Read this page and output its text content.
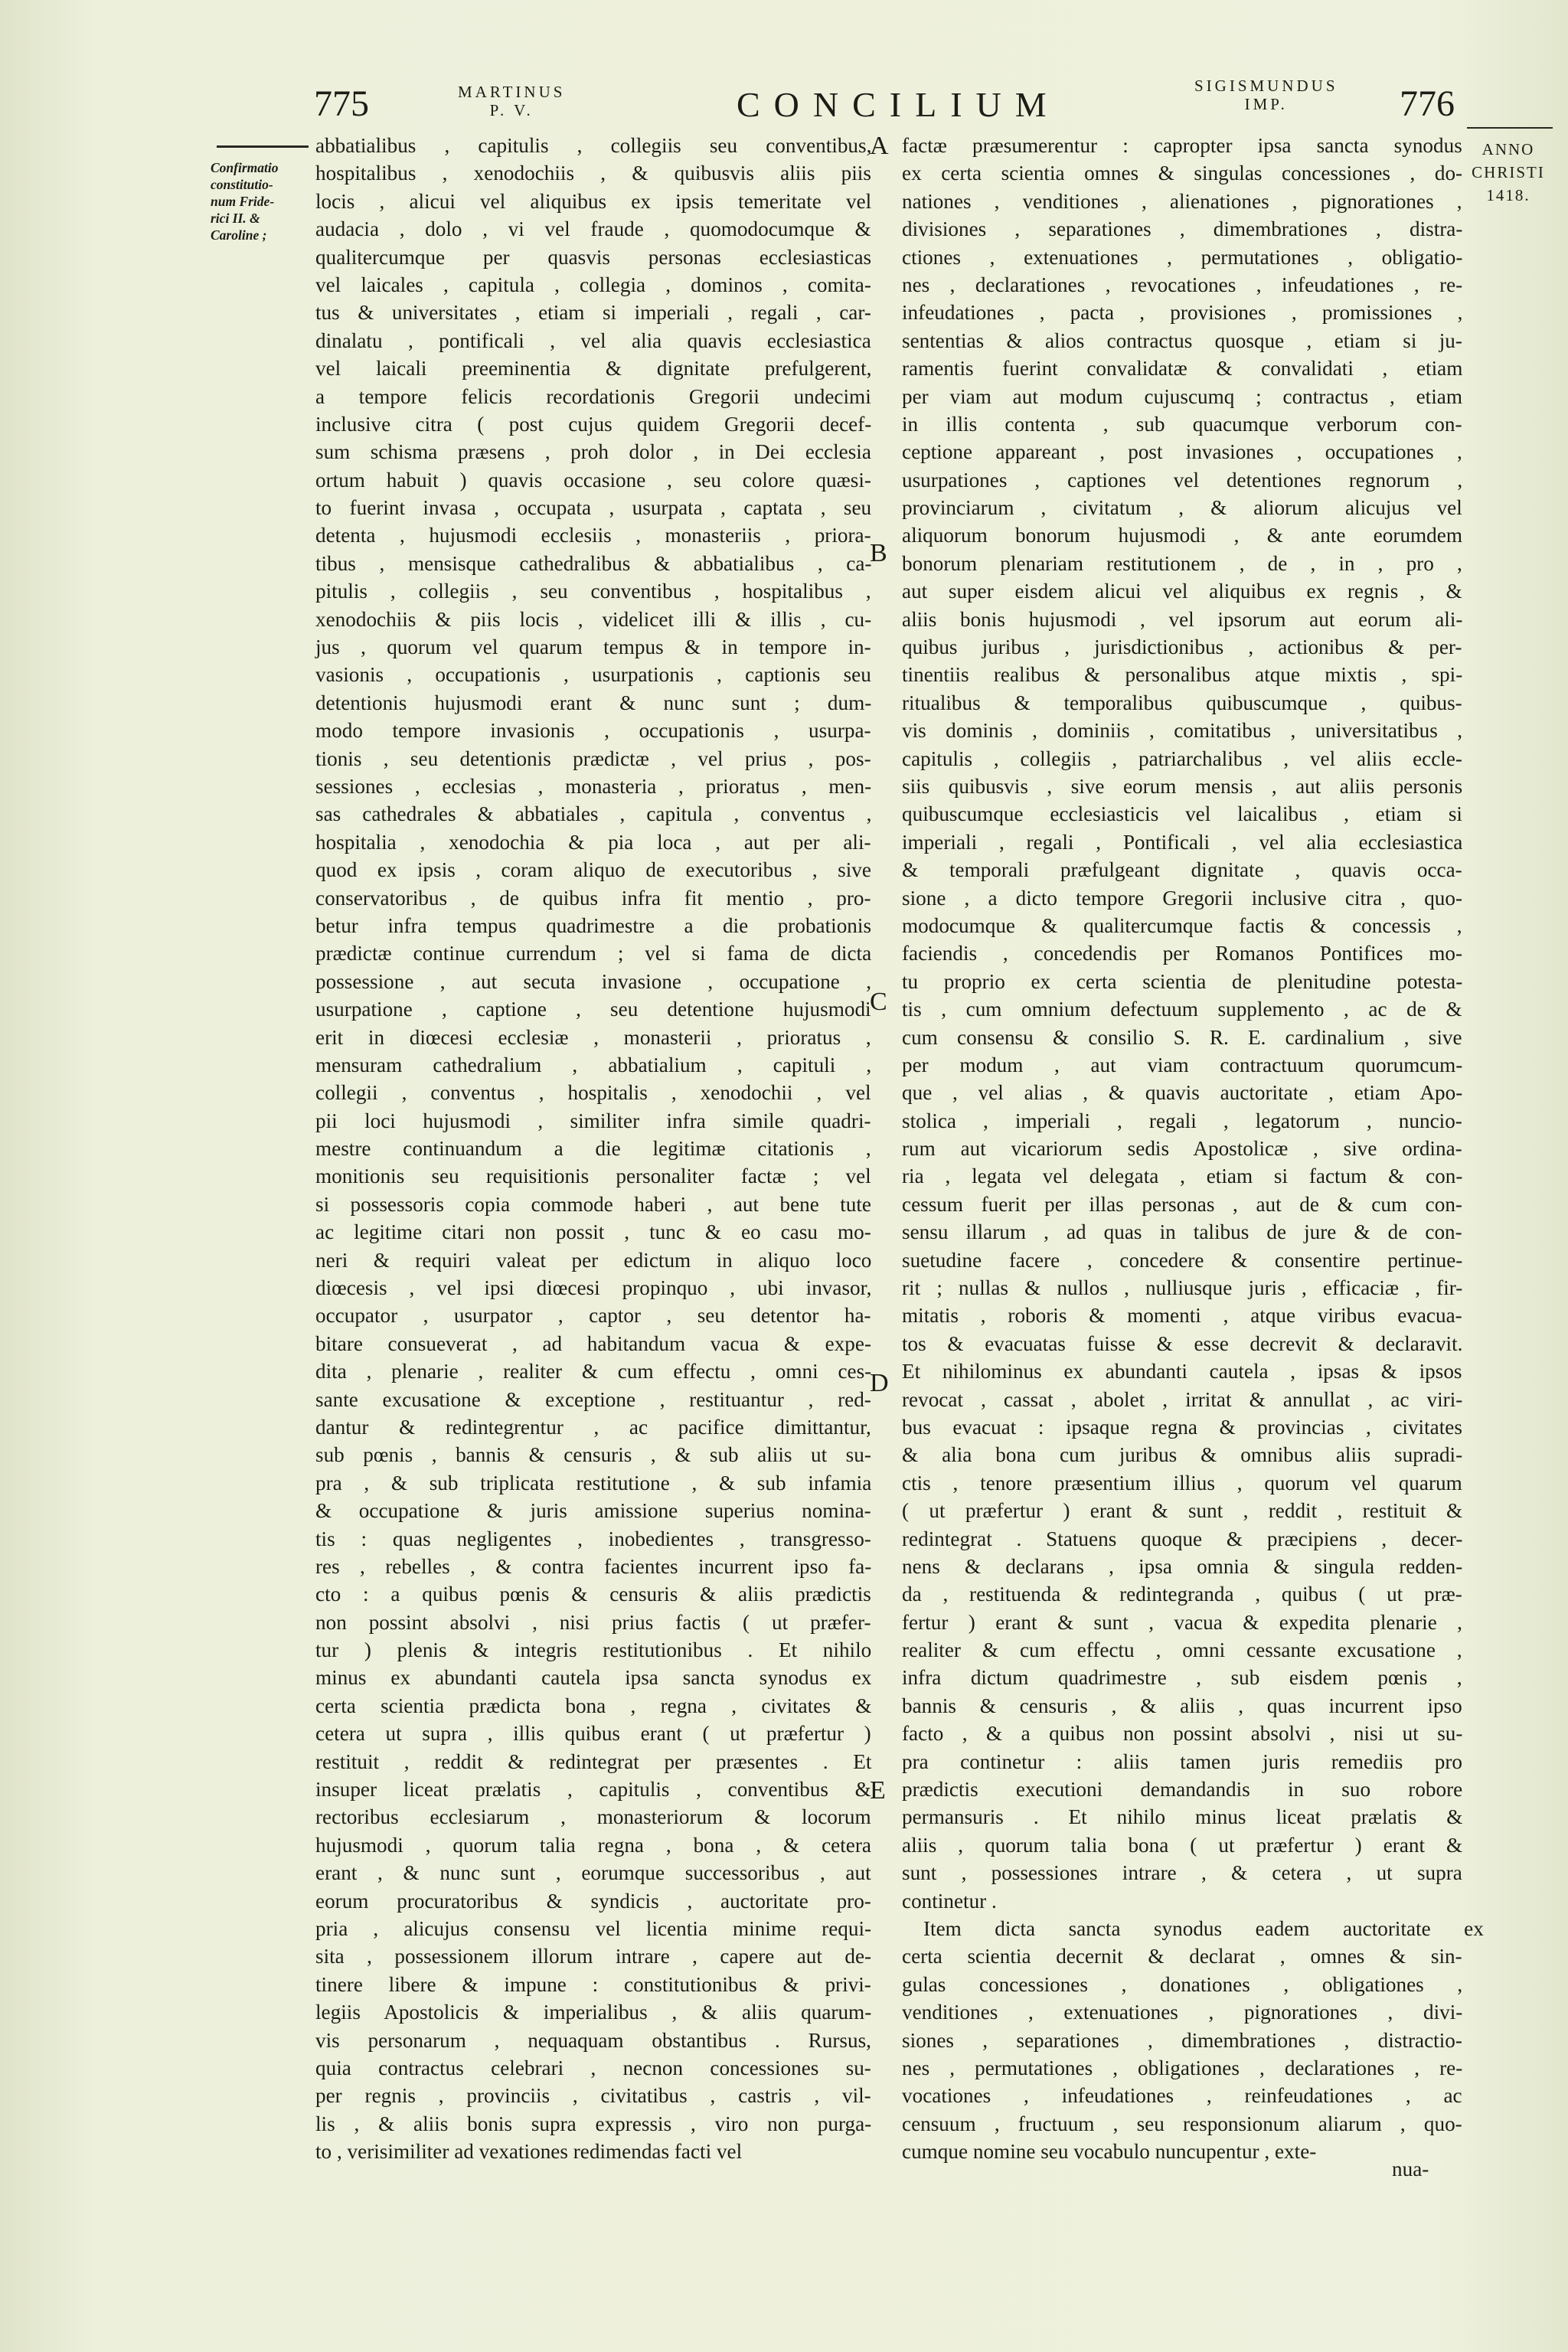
775	MARTINUS
P. V.	CONCILIUM	SIGISMUNDUS
IMP.	776
Confirmatio
constitutio-
num Fride-
rici II. &
Caroline ;
ANNO
CHRISTI
1418.
abbatialibus , capitulis , collegiis seu conventibus,
hospitalibus , xenodochiis , & quibusvis aliis piis
locis , alicui vel aliquibus ex ipsis temeritate vel
audacia , dolo , vi vel fraude , quomodocumque &
qualitercumque per quasvis personas ecclesiasticas
vel laicales , capitula , collegia , dominos , comita-
tus & universitates , etiam si imperiali , regali , car-
dinalatu , pontificali , vel alia quavis ecclesiastica
vel laicali preeminentia & dignitate prefulgerent,
a tempore felicis recordationis Gregorii undecimi
inclusive citra ( post cujus quidem Gregorii decef-
sum schisma præsens , proh dolor , in Dei ecclesia
ortum habuit ) quavis occasione , seu colore quæsi-
to fuerint invasa , occupata , usurpata , captata , seu
detenta , hujusmodi ecclesiis , monasteriis , priora-
tibus , mensisque cathedralibus & abbatialibus , ca-
pitulis , collegiis , seu conventibus , hospitalibus ,
xenodochiis & piis locis , videlicet illi & illis , cu-
jus , quorum vel quarum tempus & in tempore in-
vasionis , occupationis , usurpationis , captionis seu
detentionis hujusmodi erant & nunc sunt ; dum-
modo tempore invasionis , occupationis , usurpa-
tionis , seu detentionis prædictæ , vel prius , pos-
sessiones , ecclesias , monasteria , prioratus , men-
sas cathedrales & abbatiales , capitula , conventus ,
hospitalia , xenodochia & pia loca , aut per ali-
quod ex ipsis , coram aliquo de executoribus , sive
conservatoribus , de quibus infra fit mentio , pro-
betur infra tempus quadrimestre a die probationis
prædictæ continue currendum ; vel si fama de dicta
possessione , aut secuta invasione , occupatione ,
usurpatione , captione , seu detentione hujusmodi
erit in diœcesi ecclesiæ , monasterii , prioratus ,
mensuram cathedralium , abbatialium , capituli ,
collegii , conventus , hospitalis , xenodochii , vel
pii loci hujusmodi , similiter infra simile quadri-
mestre continuandum a die legitimæ citationis ,
monitionis seu requisitionis personaliter factæ ; vel
si possessoris copia commode haberi , aut bene tute
ac legitime citari non possit , tunc & eo casu mo-
neri & requiri valeat per edictum in aliquo loco
diœcesis , vel ipsi diœcesi propinquo , ubi invasor,
occupator , usurpator , captor , seu detentor ha-
bitare consueverat , ad habitandum vacua & expe-
dita , plenarie , realiter & cum effectu , omni ces-
sante excusatione & exceptione , restituantur , red-
dantur & redintegrentur , ac pacifice dimittantur,
sub pœnis , bannis & censuris , & sub aliis ut su-
pra , & sub triplicata restitutione , & sub infamia
& occupatione & juris amissione superius nomina-
tis : quas negligentes , inobedientes , transgresso-
res , rebelles , & contra facientes incurrent ipso fa-
cto : a quibus pœnis & censuris & aliis prædictis
non possint absolvi , nisi prius factis ( ut præfer-
tur ) plenis & integris restitutionibus . Et nihilo
minus ex abundanti cautela ipsa sancta synodus ex
certa scientia prædicta bona , regna , civitates &
cetera ut supra , illis quibus erant ( ut præfertur )
restituit , reddit & redintegrat per præsentes . Et
insuper liceat prælatis , capitulis , conventibus &
rectoribus ecclesiarum , monasteriorum & locorum
hujusmodi , quorum talia regna , bona , & cetera
erant , & nunc sunt , eorumque successoribus , aut
eorum procuratoribus & syndicis , auctoritate pro-
pria , alicujus consensu vel licentia minime requi-
sita , possessionem illorum intrare , capere aut de-
tinere libere & impune : constitutionibus & privi-
legiis Apostolicis & imperialibus , & aliis quarum-
vis personarum , nequaquam obstantibus . Rursus,
quia contractus celebrari , necnon concessiones su-
per regnis , provinciis , civitatibus , castris , vil-
lis , & aliis bonis supra expressis , viro non purga-
to , verisimiliter ad vexationes redimendas facti vel
factæ præsumerentur : capropter ipsa sancta synodus
ex certa scientia omnes & singulas concessiones , do-
nationes , venditiones , alienationes , pignorationes ,
divisiones , separationes , dimembrationes , distra-
ctiones , extenuationes , permutationes , obligatio-
nes , declarationes , revocationes , infeudationes , re-
infeudationes , pacta , provisiones , promissiones ,
sententias & alios contractus quosque , etiam si ju-
ramentis fuerint convalidatæ & convalidati , etiam
per viam aut modum cujuscumq ; contractus , etiam
in illis contenta , sub quacumque verborum con-
ceptione appareant , post invasiones , occupationes ,
usurpationes , captiones vel detentiones regnorum ,
provinciarum , civitatum , & aliorum alicujus vel
aliquorum bonorum hujusmodi , & ante eorumdem
bonorum plenariam restitutionem , de , in , pro ,
aut super eisdem alicui vel aliquibus ex regnis , &
aliis bonis hujusmodi , vel ipsorum aut eorum ali-
quibus juribus , jurisdictionibus , actionibus & per-
tinentiis realibus & personalibus atque mixtis , spi-
ritualibus & temporalibus quibuscumque , quibus-
vis dominis , dominiis , comitatibus , universitatibus ,
capitulis , collegiis , patriarchalibus , vel aliis eccle-
siis quibusvis , sive eorum mensis , aut aliis personis
quibuscumque ecclesiasticis vel laicalibus , etiam si
imperiali , regali , Pontificali , vel alia ecclesiastica
& temporali præfulgeant dignitate , quavis occa-
sione , a dicto tempore Gregorii inclusive citra , quo-
modocumque & qualitercumque factis & concessis ,
faciendis , concedendis per Romanos Pontifices mo-
tu proprio ex certa scientia de plenitudine potesta-
tis , cum omnium defectuum supplemento , ac de &
cum consensu & consilio S. R. E. cardinalium , sive
per modum , aut viam contractuum quorumcum-
que , vel alias , & quavis auctoritate , etiam Apo-
stolica , imperiali , regali , legatorum , nuncio-
rum aut vicariorum sedis Apostolicæ , sive ordina-
ria , legata vel delegata , etiam si factum & con-
cessum fuerit per illas personas , aut de & cum con-
sensu illarum , ad quas in talibus de jure & de con-
suetudine facere , concedere & consentire pertinue-
rit ; nullas & nullos , nulliusque juris , efficaciæ , fir-
mitatis , roboris & momenti , atque viribus evacua-
tos & evacuatas fuisse & esse decrevit & declaravit.
Et nihilominus ex abundanti cautela , ipsas & ipsos
revocat , cassat , abolet , irritat & annullat , ac viri-
bus evacuat : ipsaque regna & provincias , civitates
& alia bona cum juribus & omnibus aliis supradi-
ctis , tenore præsentium illius , quorum vel quarum
( ut præfertur ) erant & sunt , reddit , restituit &
redintegrat . Statuens quoque & præcipiens , decer-
nens & declarans , ipsa omnia & singula redden-
da , restituenda & redintegranda , quibus ( ut præ-
fertur ) erant & sunt , vacua & expedita plenarie ,
realiter & cum effectu , omni cessante excusatione ,
infra dictum quadrimestre , sub eisdem pœnis ,
bannis & censuris , & aliis , quas incurrent ipso
facto , & a quibus non possint absolvi , nisi ut su-
pra continetur : aliis tamen juris remediis pro
prædictis executioni demandandis in suo robore
permansuris . Et nihilo minus liceat prælatis &
aliis , quorum talia bona ( ut præfertur ) erant &
sunt , possessiones intrare , & cetera , ut supra
continetur .
Item dicta sancta synodus eadem auctoritate ex
certa scientia decernit & declarat , omnes & sin-
gulas concessiones , donationes , obligationes ,
venditiones , extenuationes , pignorationes , divi-
siones , separationes , dimembrationes , distractio-
nes , permutationes , obligationes , declarationes , re-
vocationes , infeudationes , reinfeudationes , ac
censuum , fructuum , seu responsionum aliarum , quo-
cumque nomine seu vocabulo nuncupentur , exte-
A
B
C
D
E
nua-
